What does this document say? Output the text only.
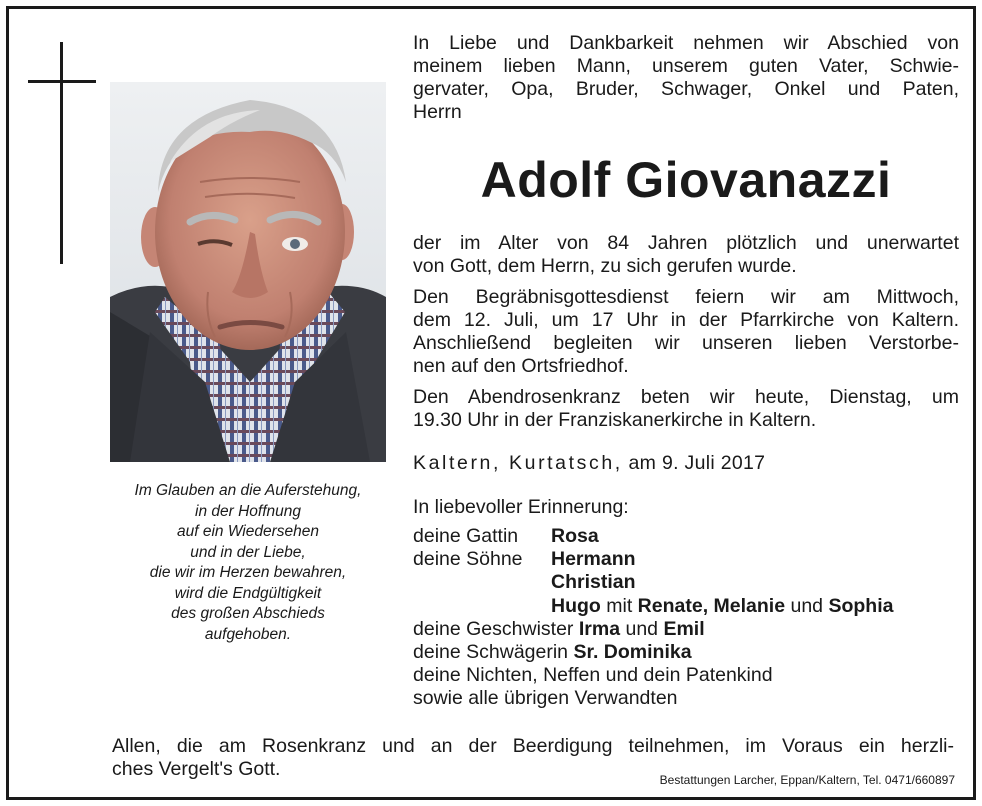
Im Glauben an die Auferstehung,
in der Hoffnung
auf ein Wiedersehen
und in der Liebe,
die wir im Herzen bewahren,
wird die Endgültigkeit
des großen Abschieds
aufgehoben.
In Liebe und Dankbarkeit nehmen wir Abschied von
meinem lieben Mann, unserem guten Vater, Schwie-
gervater, Opa, Bruder, Schwager, Onkel und Paten,
Herrn
Adolf Giovanazzi
der im Alter von 84 Jahren plötzlich und unerwartet
von Gott, dem Herrn, zu sich gerufen wurde.
Den Begräbnisgottesdienst feiern wir am Mittwoch,
dem 12. Juli, um 17 Uhr in der Pfarrkirche von Kaltern.
Anschließend begleiten wir unseren lieben Verstorbe-
nen auf den Ortsfriedhof.
Den Abendrosenkranz beten wir heute, Dienstag, um
19.30 Uhr in der Franziskanerkirche in Kaltern.
Kaltern, Kurtatsch, am 9. Juli 2017
In liebevoller Erinnerung:
deine Gattin Rosa
deine Söhne Hermann
Christian
Hugo mit Renate, Melanie und Sophia
deine Geschwister Irma und Emil
deine Schwägerin Sr. Dominika
deine Nichten, Neffen und dein Patenkind
sowie alle übrigen Verwandten
Allen, die am Rosenkranz und an der Beerdigung teilnehmen, im Voraus ein herzli-
ches Vergelt's Gott.	Bestattungen Larcher, Eppan/Kaltern, Tel. 0471/660897
